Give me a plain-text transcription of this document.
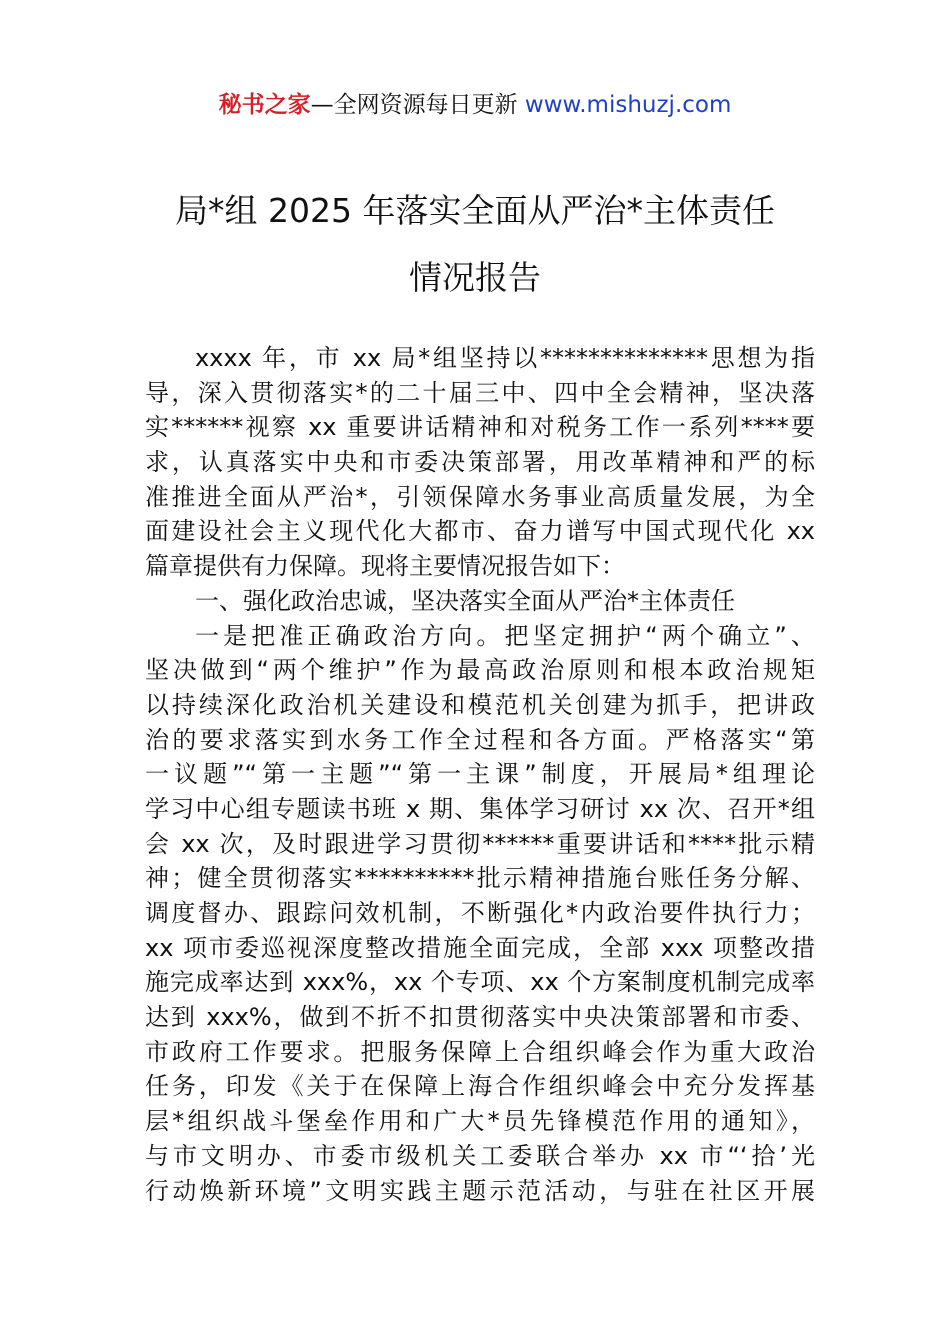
秘书之家—全网资源每日更新 www.mishuzj.com
局*组 2025 年落实全面从严治*主体责任
情况报告
xxxx 年，市 xx 局*组坚持以**************思想为指
导，深入贯彻落实*的二十届三中、四中全会精神，坚决落
实******视察 xx 重要讲话精神和对税务工作一系列****要
求，认真落实中央和市委决策部署，用改革精神和严的标
准推进全面从严治*，引领保障水务事业高质量发展，为全
面建设社会主义现代化大都市、奋力谱写中国式现代化 xx
篇章提供有力保障。现将主要情况报告如下：
一、强化政治忠诚，坚决落实全面从严治*主体责任
一是把准正确政治方向。把坚定拥护“两个确立”、
坚决做到“两个维护”作为最高政治原则和根本政治规矩
以持续深化政治机关建设和模范机关创建为抓手，把讲政
治的要求落实到水务工作全过程和各方面。严格落实“第
一议题”“第一主题”“第一主课”制度，开展局*组理论
学习中心组专题读书班 x 期、集体学习研讨 xx 次、召开*组
会 xx 次，及时跟进学习贯彻******重要讲话和****批示精
神；健全贯彻落实**********批示精神措施台账任务分解、
调度督办、跟踪问效机制，不断强化*内政治要件执行力；
xx 项市委巡视深度整改措施全面完成，全部 xxx 项整改措
施完成率达到 xxx%，xx 个专项、xx 个方案制度机制完成率
达到 xxx%，做到不折不扣贯彻落实中央决策部署和市委、
市政府工作要求。把服务保障上合组织峰会作为重大政治
任务，印发《关于在保障上海合作组织峰会中充分发挥基
层*组织战斗堡垒作用和广大*员先锋模范作用的通知》，
与市文明办、市委市级机关工委联合举办 xx 市“‘拾’光
行动焕新环境”文明实践主题示范活动，与驻在社区开展
